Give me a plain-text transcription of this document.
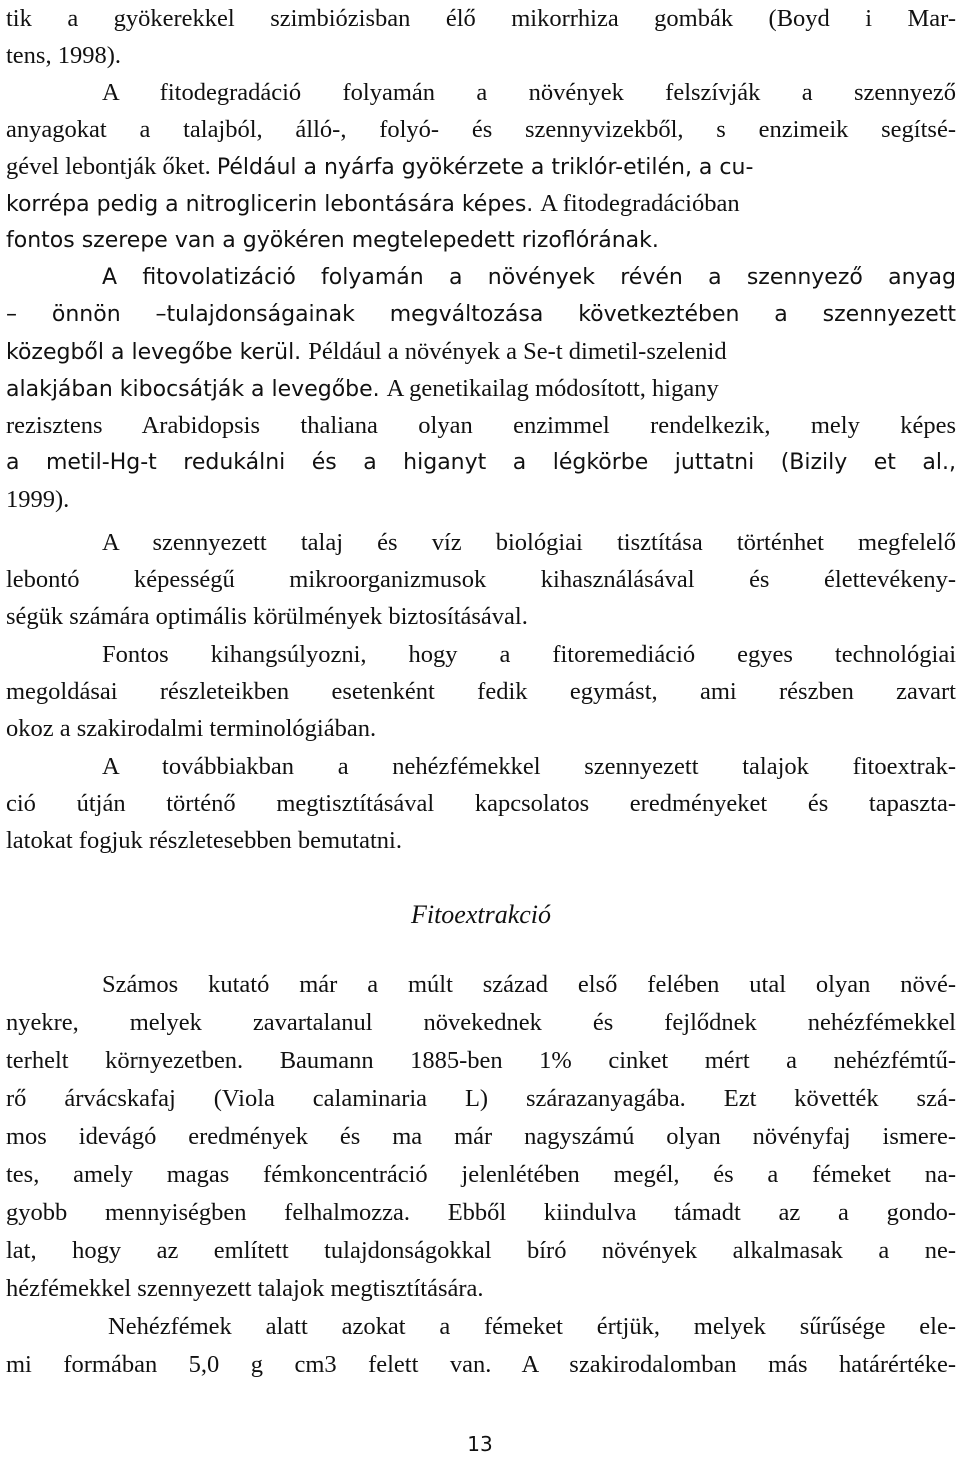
tik a gyökerekkel szimbiózisban élő mikorrhiza gombák (Boyd i Mar-
tens, 1998).
A fitodegradáció folyamán a növények felszívják a szennyező
anyagokat a talajból, álló-, folyó- és szennyvizekből, s enzimeik segítsé-
gével lebontják őket. Például a nyárfa gyökérzete a triklór-etilén, a cu-
korrépa pedig a nitroglicerin lebontására képes. A fitodegradációban
fontos szerepe van a gyökéren megtelepedett rizoflórának.
A fitovolatizáció folyamán a növények révén a szennyező anyag
– önnön –tulajdonságainak megváltozása következtében a szennyezett
közegből a levegőbe kerül. Például a növények a Se-t dimetil-szelenid
alakjában kibocsátják a levegőbe. A genetikailag módosított, higany
rezisztens Arabidopsis thaliana olyan enzimmel rendelkezik, mely képes
a metil-Hg-t redukálni és a higanyt a légkörbe juttatni (Bizily et al.,
1999).
A szennyezett talaj és víz biológiai tisztítása történhet megfelelő
lebontó képességű mikroorganizmusok kihasználásával és élettevékeny-
ségük számára optimális körülmények biztosításával.
Fontos kihangsúlyozni, hogy a fitoremediáció egyes technológiai
megoldásai részleteikben esetenként fedik egymást, ami részben zavart
okoz a szakirodalmi terminológiában.
A továbbiakban a nehézfémekkel szennyezett talajok fitoextrak-
ció útján történő megtisztításával kapcsolatos eredményeket és tapaszta-
latokat fogjuk részletesebben bemutatni.
Fitoextrakció
Számos kutató már a múlt század első felében utal olyan növé-
nyekre, melyek zavartalanul növekednek és fejlődnek nehézfémekkel
terhelt környezetben. Baumann 1885-ben 1% cinket mért a nehézfémtű-
rő árvácskafaj (Viola calaminaria L) szárazanyagába. Ezt követték szá-
mos idevágó eredmények és ma már nagyszámú olyan növényfaj ismere-
tes, amely magas fémkoncentráció jelenlétében megél, és a fémeket na-
gyobb mennyiségben felhalmozza. Ebből kiindulva támadt az a gondo-
lat, hogy az említett tulajdonságokkal bíró növények alkalmasak a ne-
hézfémekkel szennyezett talajok megtisztítására.
Nehézfémek alatt azokat a fémeket értjük, melyek sűrűsége ele-
mi formában 5,0 g cm3 felett van. A szakirodalomban más határértéke-
13
